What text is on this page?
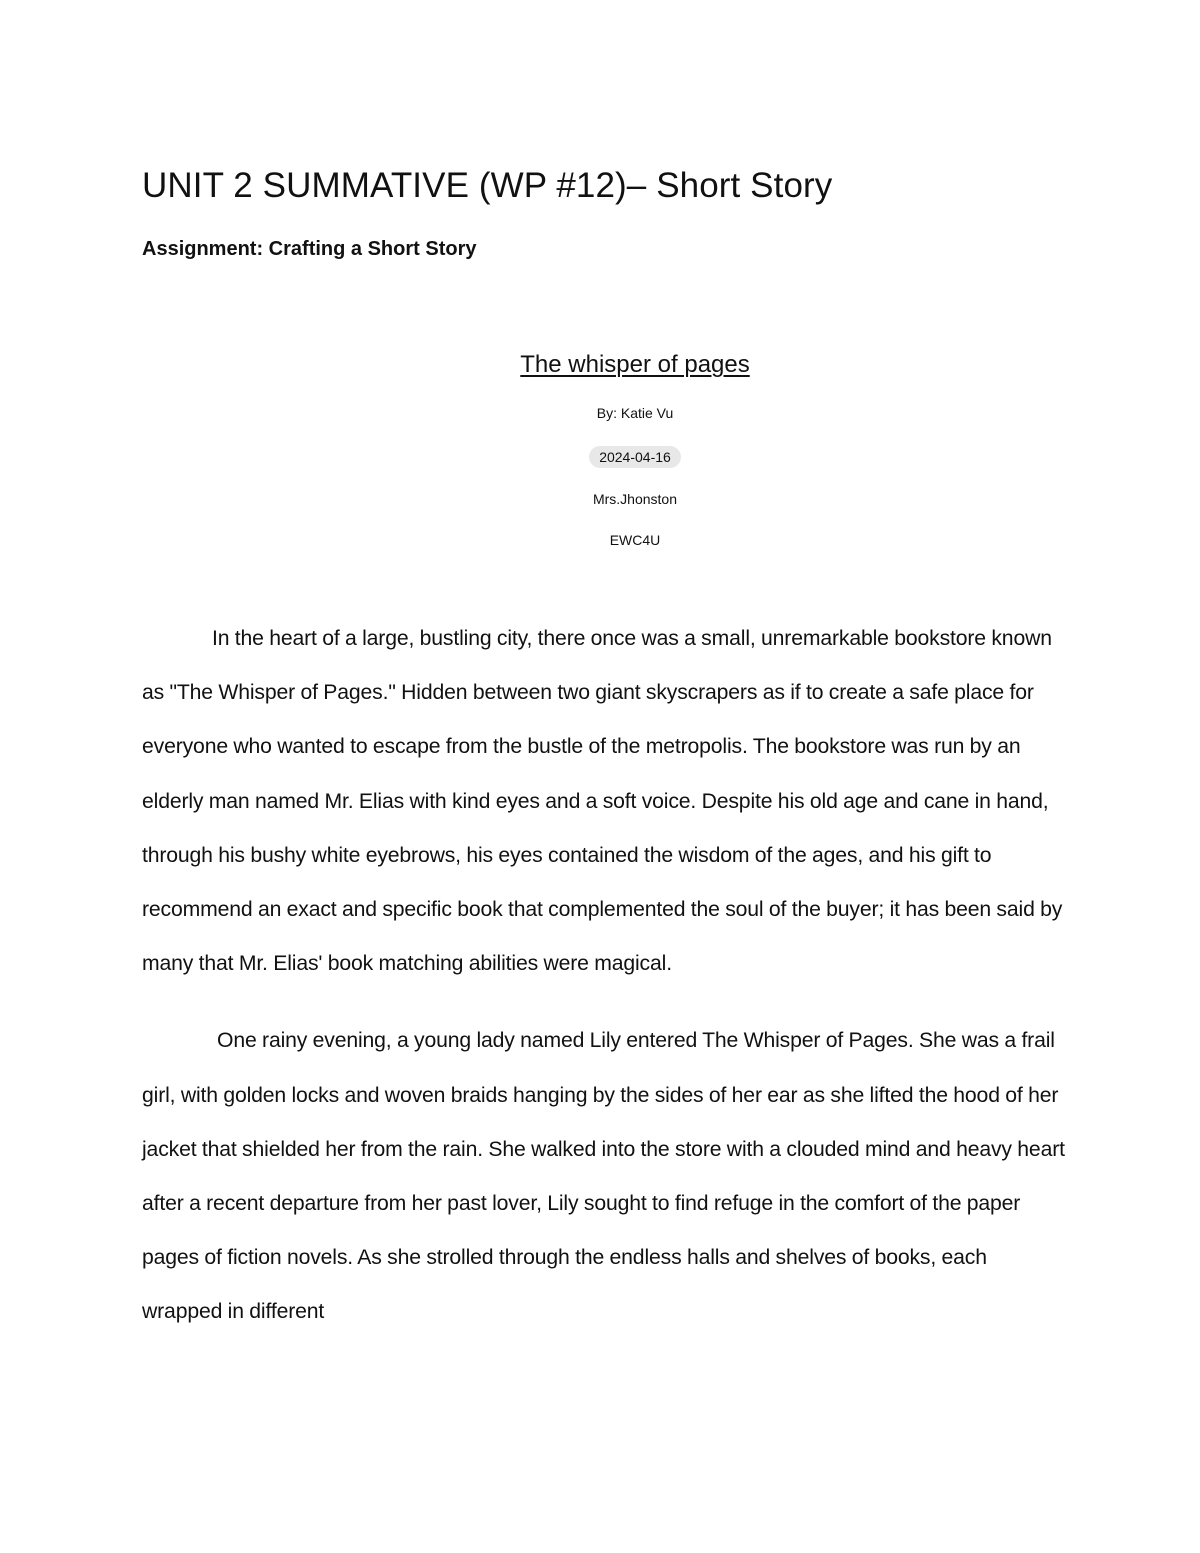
UNIT 2 SUMMATIVE (WP #12)– Short Story
Assignment: Crafting a Short Story
The whisper of pages

By: Katie Vu

2024-04-16

Mrs.Jhonston

EWC4U

In the heart of a large, bustling city, there once was a small, unremarkable bookstore known as "The Whisper of Pages." Hidden between two giant skyscrapers as if to create a safe place for everyone who wanted to escape from the bustle of the metropolis. The bookstore was run by an elderly man named Mr. Elias with kind eyes and a soft voice. Despite his old age and cane in hand, through his bushy white eyebrows, his eyes contained the wisdom of the ages, and his gift to recommend an exact and specific book that complemented the soul of the buyer; it has been said by many that Mr. Elias' book matching abilities were magical.

One rainy evening, a young lady named Lily entered The Whisper of Pages. She was a frail girl, with golden locks and woven braids hanging by the sides of her ear as she lifted the hood of her jacket that shielded her from the rain. She walked into the store with a clouded mind and heavy heart after a recent departure from her past lover, Lily sought to find refuge in the comfort of the paper pages of fiction novels. As she strolled through the endless halls and shelves of books, each wrapped in different
